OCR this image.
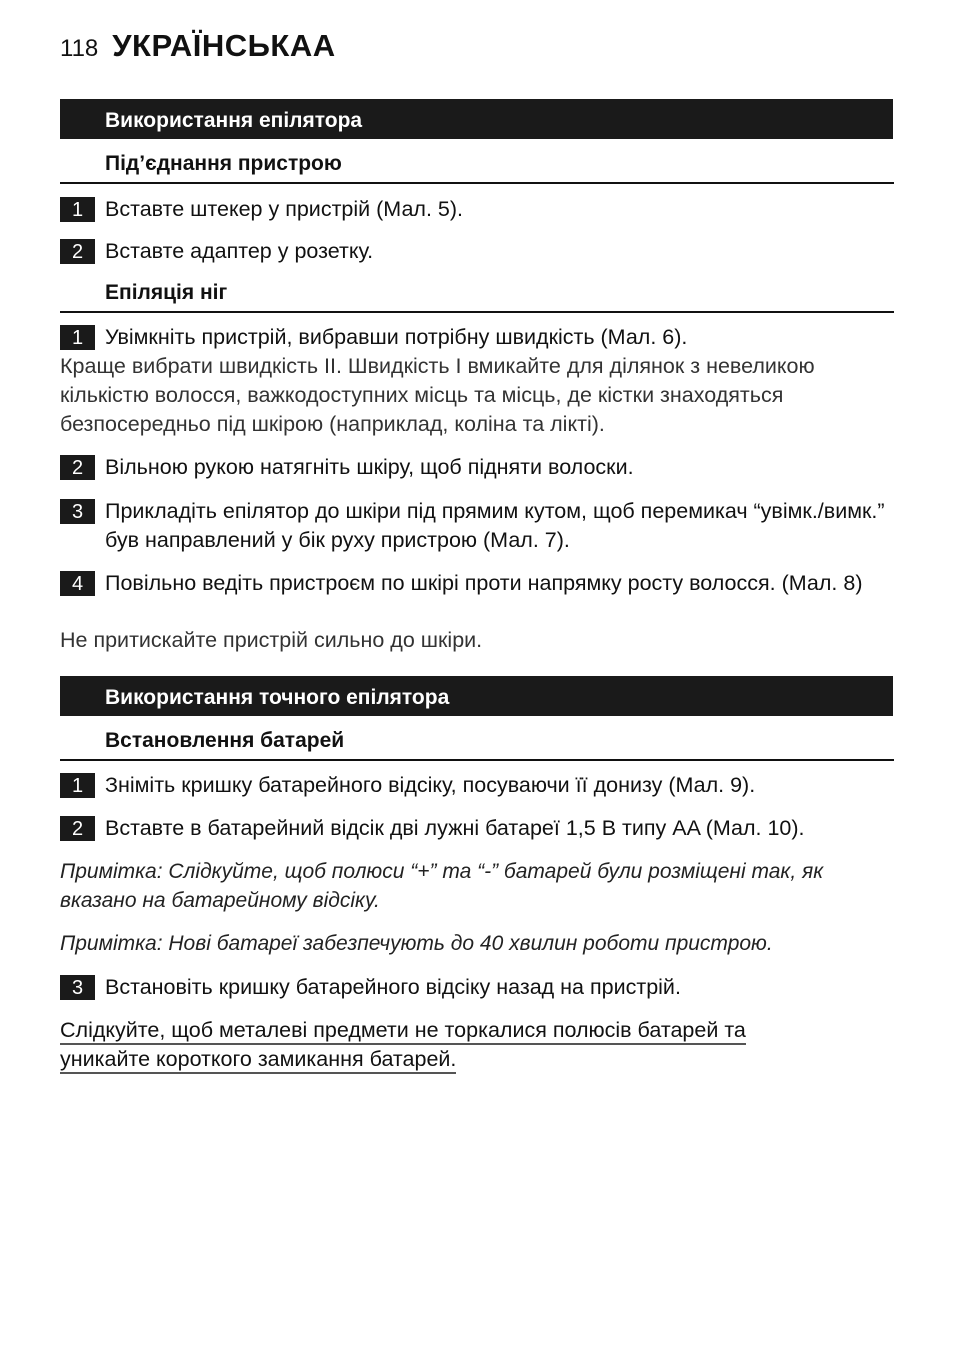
118 УКРАЇНСЬКАА
Використання епілятора
Під’єднання пристрою
1	Вставте штекер у пристрій (Мал. 5).
2	Вставте адаптер у розетку.
Епіляція ніг
1	Увімкніть пристрій, вибравши потрібну швидкість (Мал. 6).
Краще вибрати швидкість II. Швидкість I вмикайте для ділянок з невеликою кількістю волосся, важкодоступних місць та місць, де кістки знаходяться безпосередньо під шкірою (наприклад, коліна та лікті).
2	Вільною рукою натягніть шкіру, щоб підняти волоски.
3	Прикладіть епілятор до шкіри під прямим кутом, щоб перемикач “увімк./вимк.” був направлений у бік руху пристрою (Мал. 7).
4	Повільно ведіть пристроєм по шкірі проти напрямку росту волосся. (Мал. 8)
Не притискайте пристрій сильно до шкіри.
Використання точного епілятора
Встановлення батарей
1	Зніміть кришку батарейного відсіку, посуваючи її донизу (Мал. 9).
2	Вставте в батарейний відсік дві лужні батареї 1,5 В типу AA (Мал. 10).
Примітка: Слідкуйте, щоб полюси “+” та “-” батарей були розміщені так, як вказано на батарейному відсіку.
Примітка: Нові батареї забезпечують до 40 хвилин роботи пристрою.
3	Встановіть кришку батарейного відсіку назад на пристрій.
Слідкуйте, щоб металеві предмети не торкалися полюсів батарей та уникайте короткого замикання батарей.
